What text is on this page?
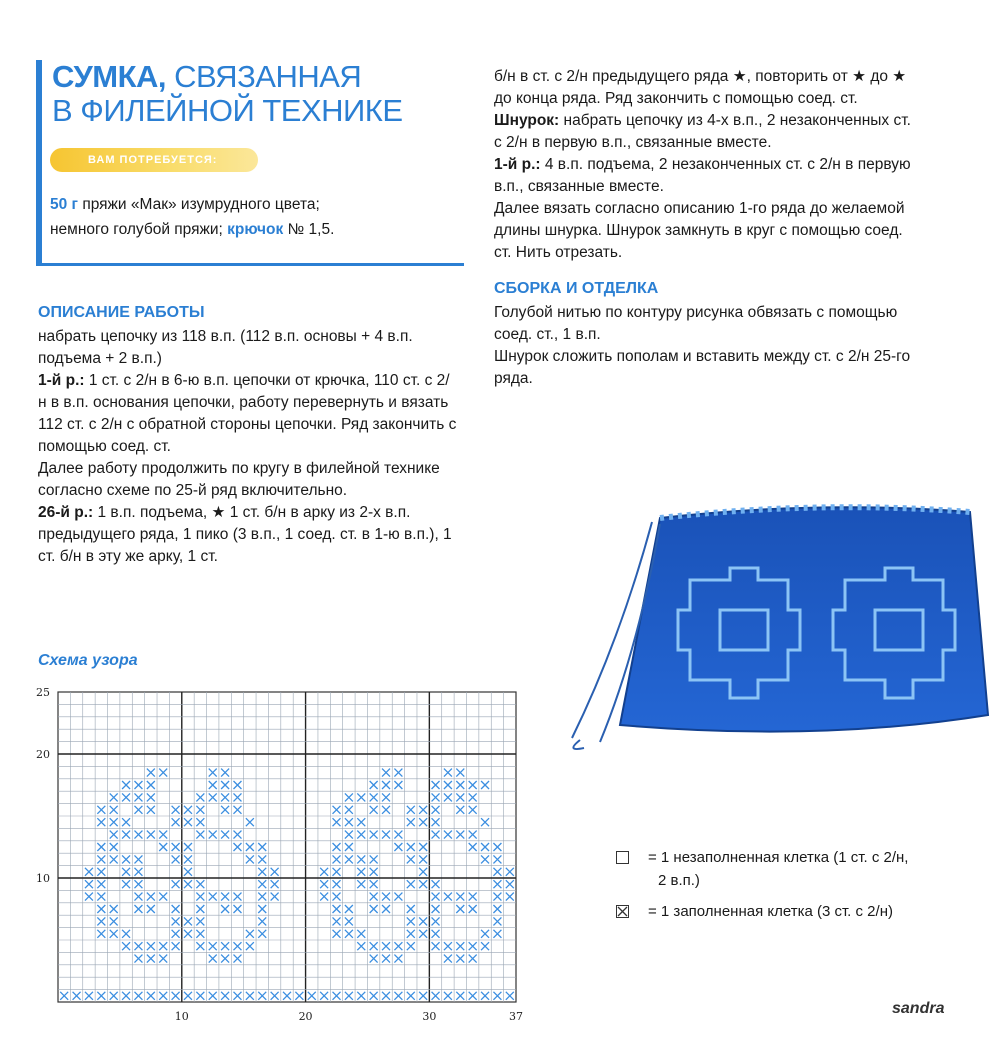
СУМКА, СВЯЗАННАЯ
В ФИЛЕЙНОЙ ТЕХНИКЕ
ВАМ ПОТРЕБУЕТСЯ:
50 г пряжи «Мак» изумрудного цвета;
немного голубой пряжи; крючок № 1,5.
ОПИСАНИЕ РАБОТЫ

набрать цепочку из 118 в.п. (112 в.п. основы + 4 в.п. подъема + 2 в.п.)

1-й р.: 1 ст. с 2/н в 6-ю в.п. цепочки от крючка, 110 ст. с 2/н в в.п. основания цепочки, работу перевернуть и вязать 112 ст. с 2/н с обратной стороны цепочки. Ряд закончить с помощью соед. ст.

Далее работу продолжить по кругу в филейной технике согласно схеме по 25-й ряд включительно.

26-й р.: 1 в.п. подъема, ★ 1 ст. б/н в арку из 2-х в.п. предыдущего ряда, 1 пико (3 в.п., 1 соед. ст. в 1-ю в.п.), 1 ст. б/н в эту же арку, 1 ст.

б/н в ст. с 2/н предыдущего ряда ★, повторить от ★ до ★ до конца ряда. Ряд закончить с помощью соед. ст.

Шнурок: набрать цепочку из 4-х в.п., 2 незаконченных ст. с 2/н в первую в.п., связанные вместе.

1-й р.: 4 в.п. подъема, 2 незаконченных ст. с 2/н в первую в.п., связанные вместе.

Далее вязать согласно описанию 1-го ряда до желаемой длины шнурка. Шнурок замкнуть в круг с помощью соед. ст. Нить отрезать.

СБОРКА И ОТДЕЛКА

Голубой нитью по контуру рисунка обвязать с помощью соед. ст., 1 в.п.

Шнурок сложить пополам и вставить между ст. с 2/н 25-го ряда.

= 1 незаполненная клетка (1 ст. с 2/н,
2 в.п.)
= 1 заполненная клетка (3 ст. с 2/н)
Схема узора
10	20	30	37
10
20
25
sandra
